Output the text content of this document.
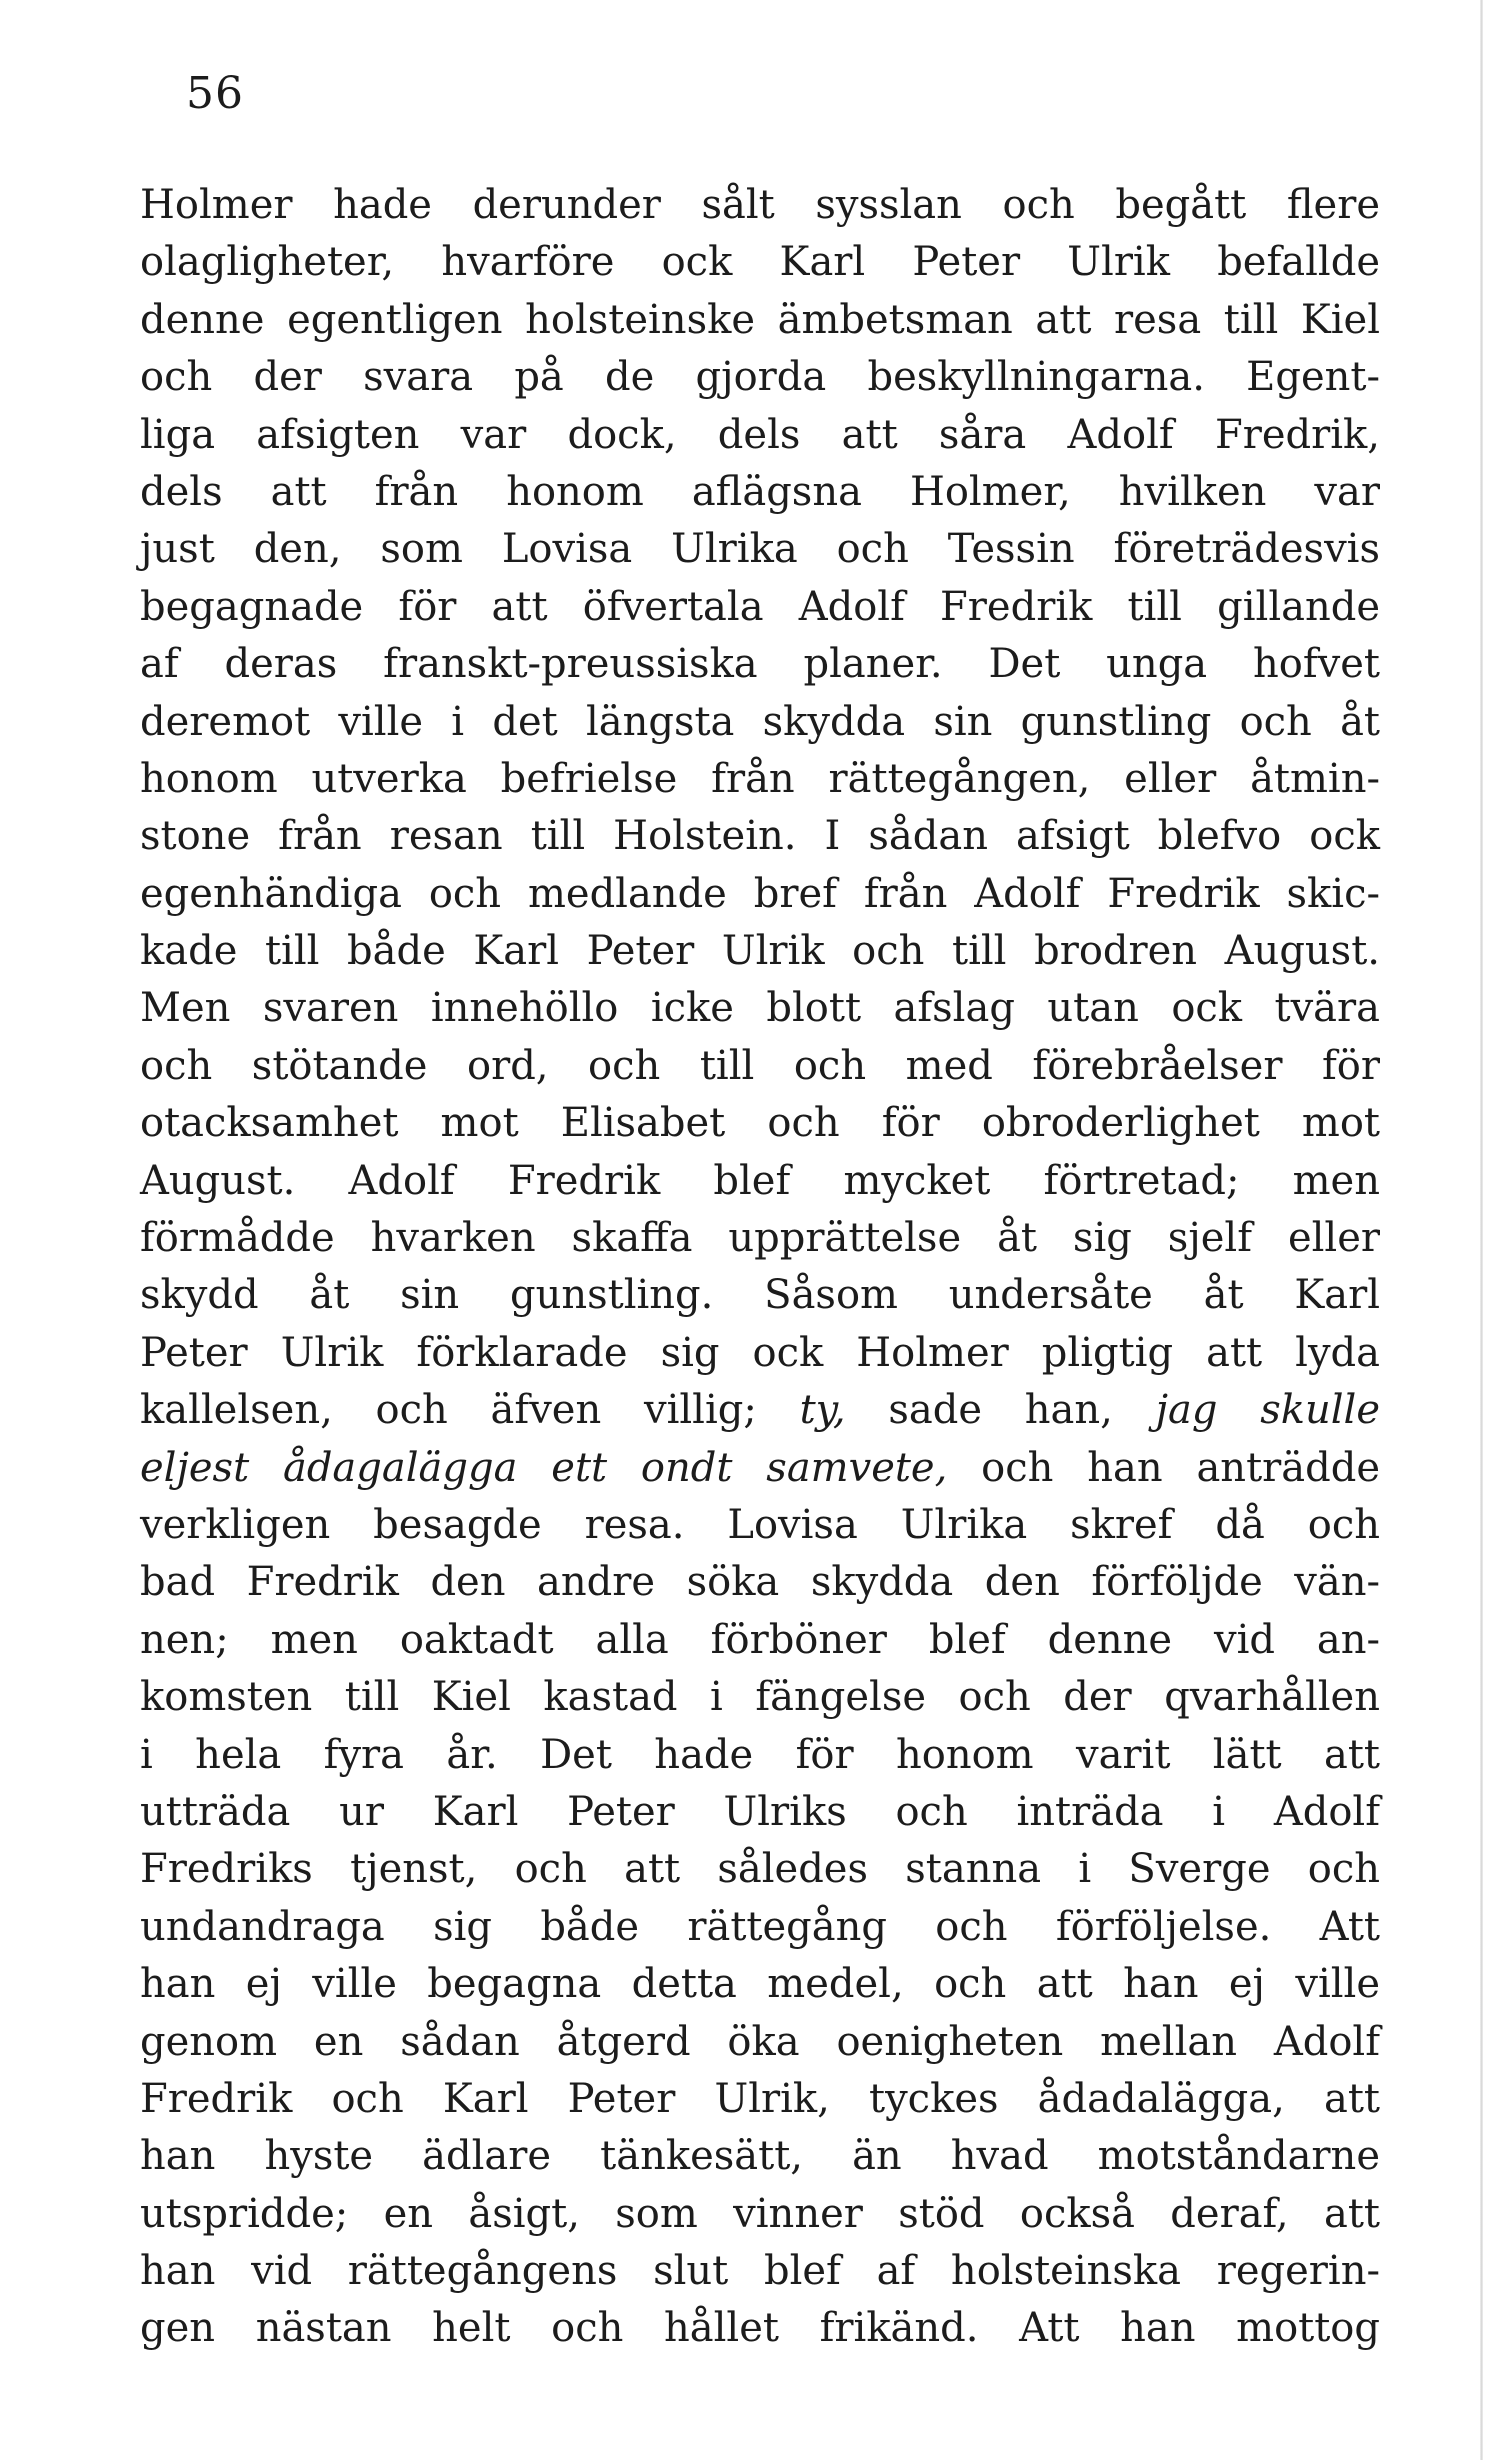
56

Holmer hade derunder sålt sysslan och begått flere
olagligheter, hvarföre ock Karl Peter Ulrik befallde
denne egentligen holsteinske ämbetsman att resa till Kiel
och der svara på de gjorda beskyllningarna. Egent-
liga afsigten var dock, dels att såra Adolf Fredrik,
dels att från honom aflägsna Holmer, hvilken var
just den, som Lovisa Ulrika och Tessin företrädesvis
begagnade för att öfvertala Adolf Fredrik till gillande
af deras franskt-preussiska planer. Det unga hofvet
deremot ville i det längsta skydda sin gunstling och åt
honom utverka befrielse från rättegången, eller åtmin-
stone från resan till Holstein. I sådan afsigt blefvo ock
egenhändiga och medlande bref från Adolf Fredrik skic-
kade till både Karl Peter Ulrik och till brodren August.
Men svaren innehöllo icke blott afslag utan ock tvära
och stötande ord, och till och med förebråelser för
otacksamhet mot Elisabet och för obroderlighet mot
August. Adolf Fredrik blef mycket förtretad; men
förmådde hvarken skaffa upprättelse åt sig sjelf eller
skydd åt sin gunstling. Såsom undersåte åt Karl
Peter Ulrik förklarade sig ock Holmer pligtig att lyda
kallelsen, och äfven villig; ty, sade han, jag skulle
eljest ådagalägga ett ondt samvete, och han anträdde
verkligen besagde resa. Lovisa Ulrika skref då och
bad Fredrik den andre söka skydda den förföljde vän-
nen; men oaktadt alla förböner blef denne vid an-
komsten till Kiel kastad i fängelse och der qvarhållen
i hela fyra år. Det hade för honom varit lätt att
utträda ur Karl Peter Ulriks och inträda i Adolf
Fredriks tjenst, och att således stanna i Sverge och
undandraga sig både rättegång och förföljelse. Att
han ej ville begagna detta medel, och att han ej ville
genom en sådan åtgerd öka oenigheten mellan Adolf
Fredrik och Karl Peter Ulrik, tyckes ådadalägga, att
han hyste ädlare tänkesätt, än hvad motståndarne
utspridde; en åsigt, som vinner stöd också deraf, att
han vid rättegångens slut blef af holsteinska regerin-
gen nästan helt och hållet frikänd. Att han mottog
